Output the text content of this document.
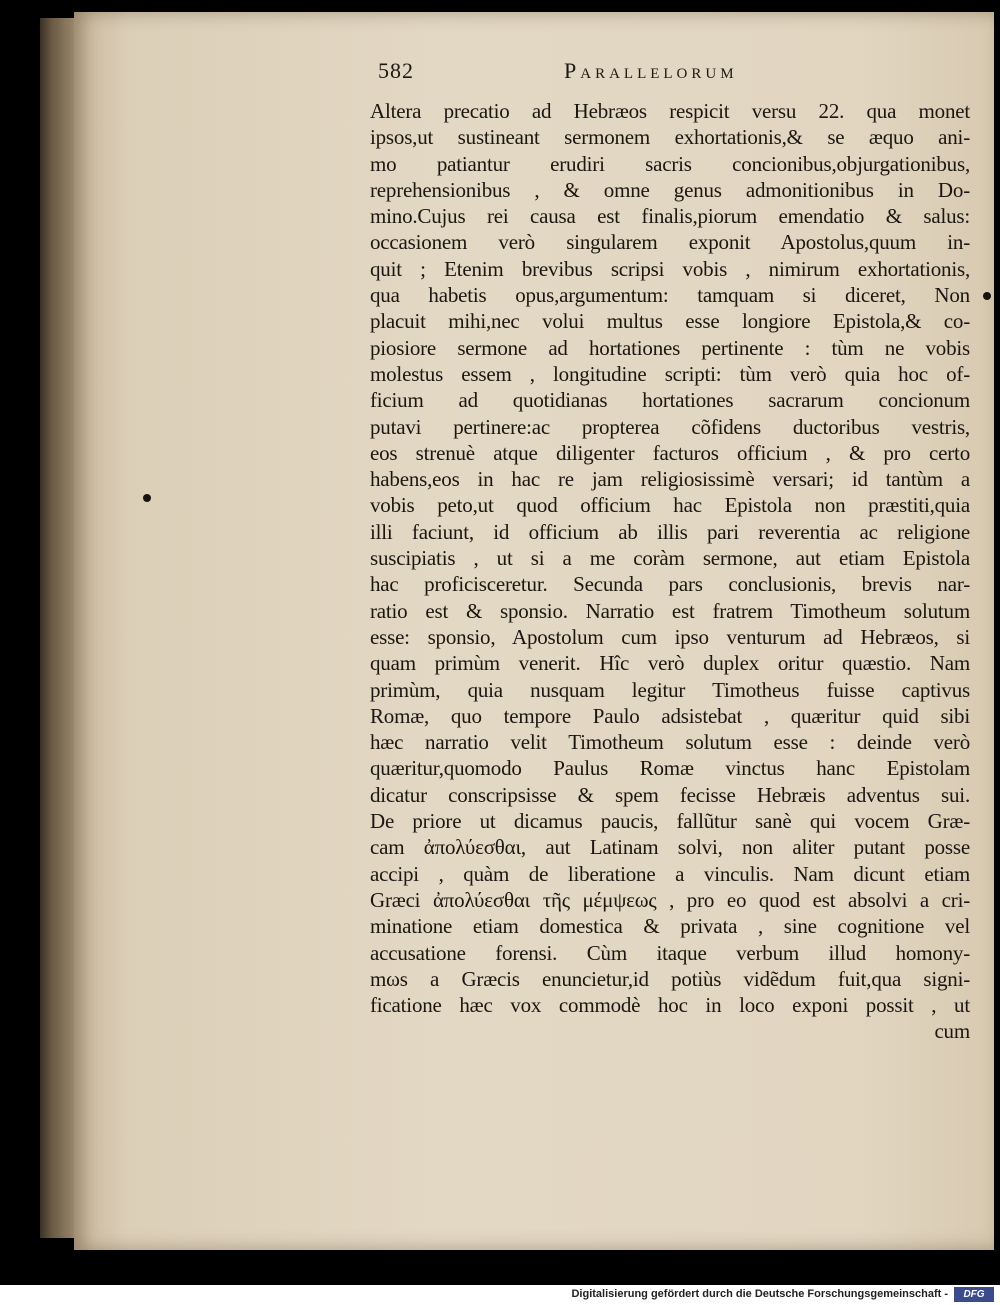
582	Parallelorum
Altera precatio ad Hebræos respicit versu 22. qua monet
ipsos,ut sustineant sermonem exhortationis,& se æquo ani-
mo patiantur erudiri sacris concionibus,objurgationibus,
reprehensionibus , & omne genus admonitionibus in Do-
mino.Cujus rei causa est finalis,piorum emendatio & salus:
occasionem verò singularem exponit Apostolus,quum in-
quit ; Etenim brevibus scripsi vobis , nimirum exhortationis,
qua habetis opus,argumentum: tamquam si diceret, Non
placuit mihi,nec volui multus esse longiore Epistola,& co-
piosiore sermone ad hortationes pertinente : tùm ne vobis
molestus essem , longitudine scripti: tùm verò quia hoc of-
ficium ad quotidianas hortationes sacrarum concionum
putavi pertinere:ac propterea cõfidens ductoribus vestris,
eos strenuè atque diligenter facturos officium , & pro certo
habens,eos in hac re jam religiosissimè versari; id tantùm a
vobis peto,ut quod officium hac Epistola non præstiti,quia
illi faciunt, id officium ab illis pari reverentia ac religione
suscipiatis , ut si a me coràm sermone, aut etiam Epistola
hac proficisceretur. Secunda pars conclusionis, brevis nar-
ratio est & sponsio. Narratio est fratrem Timotheum solutum
esse: sponsio, Apostolum cum ipso venturum ad Hebræos, si
quam primùm venerit. Hîc verò duplex oritur quæstio. Nam
primùm, quia nusquam legitur Timotheus fuisse captivus
Romæ, quo tempore Paulo adsistebat , quæritur quid sibi
hæc narratio velit Timotheum solutum esse : deinde verò
quæritur,quomodo Paulus Romæ vinctus hanc Epistolam
dicatur conscripsisse & spem fecisse Hebræis adventus sui.
De priore ut dicamus paucis, fallũtur sanè qui vocem Græ-
cam ἀπολύεσθαι, aut Latinam solvi, non aliter putant posse
accipi , quàm de liberatione a vinculis. Nam dicunt etiam
Græci ἀπολύεσθαι τῆς μέμψεως , pro eo quod est absolvi a cri-
minatione etiam domestica & privata , sine cognitione vel
accusatione forensi. Cùm itaque verbum illud homony-
mωs a Græcis enuncietur,id potiùs vidẽdum fuit,qua signi-
ficatione hæc vox commodè hoc in loco exponi possit , ut
cum
Digitalisierung gefördert durch die Deutsche Forschungsgemeinschaft -	DFG
